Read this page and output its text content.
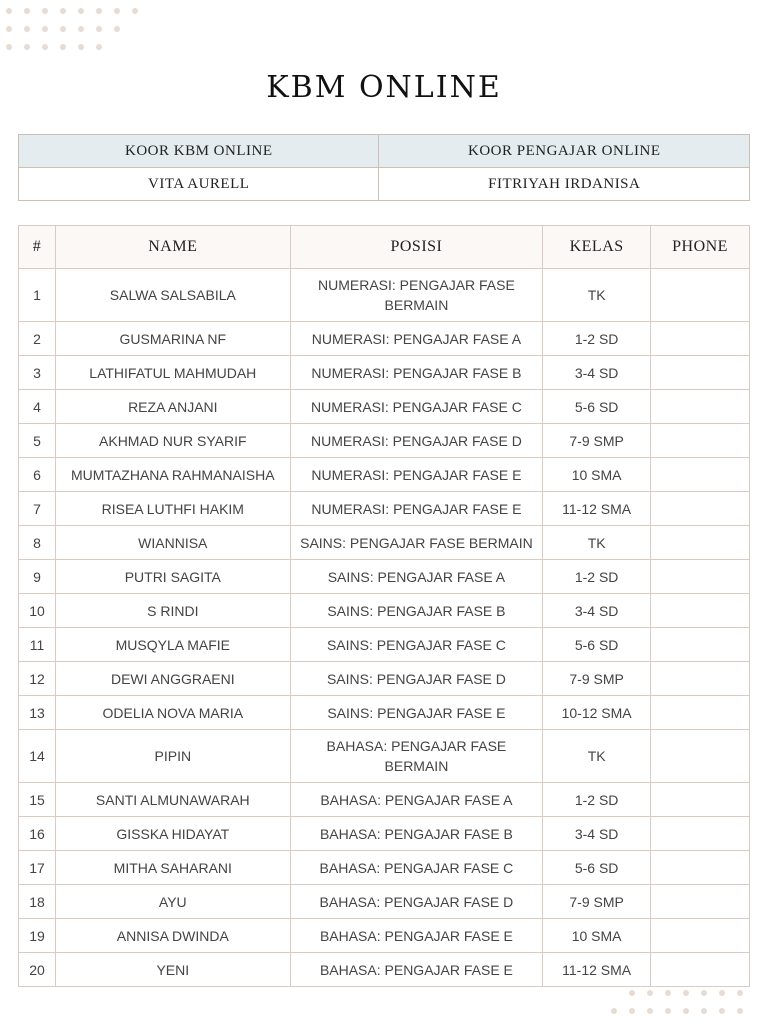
KBM ONLINE
KOOR KBM ONLINE	KOOR PENGAJAR ONLINE
VITA AURELL	FITRIYAH IRDANISA
#	NAME	POSISI	KELAS	PHONE
1	SALWA SALSABILA	NUMERASI: PENGAJAR FASE BERMAIN	TK	
2	GUSMARINA NF	NUMERASI: PENGAJAR FASE A	1-2 SD	
3	LATHIFATUL MAHMUDAH	NUMERASI: PENGAJAR FASE B	3-4 SD	
4	REZA ANJANI	NUMERASI: PENGAJAR FASE C	5-6 SD	
5	AKHMAD NUR SYARIF	NUMERASI: PENGAJAR FASE D	7-9 SMP	
6	MUMTAZHANA RAHMANAISHA	NUMERASI: PENGAJAR FASE E	10 SMA	
7	RISEA LUTHFI HAKIM	NUMERASI: PENGAJAR FASE E	11-12 SMA	
8	WIANNISA	SAINS: PENGAJAR FASE BERMAIN	TK	
9	PUTRI SAGITA	SAINS: PENGAJAR FASE A	1-2 SD	
10	S RINDI	SAINS: PENGAJAR FASE B	3-4 SD	
11	MUSQYLA MAFIE	SAINS: PENGAJAR FASE C	5-6 SD	
12	DEWI ANGGRAENI	SAINS: PENGAJAR FASE D	7-9 SMP	
13	ODELIA NOVA MARIA	SAINS: PENGAJAR FASE E	10-12 SMA	
14	PIPIN	BAHASA: PENGAJAR FASE BERMAIN	TK	
15	SANTI ALMUNAWARAH	BAHASA: PENGAJAR FASE A	1-2 SD	
16	GISSKA HIDAYAT	BAHASA: PENGAJAR FASE B	3-4 SD	
17	MITHA SAHARANI	BAHASA: PENGAJAR FASE C	5-6 SD	
18	AYU	BAHASA: PENGAJAR FASE D	7-9 SMP	
19	ANNISA DWINDA	BAHASA: PENGAJAR FASE E	10 SMA	
20	YENI	BAHASA: PENGAJAR FASE E	11-12 SMA	
